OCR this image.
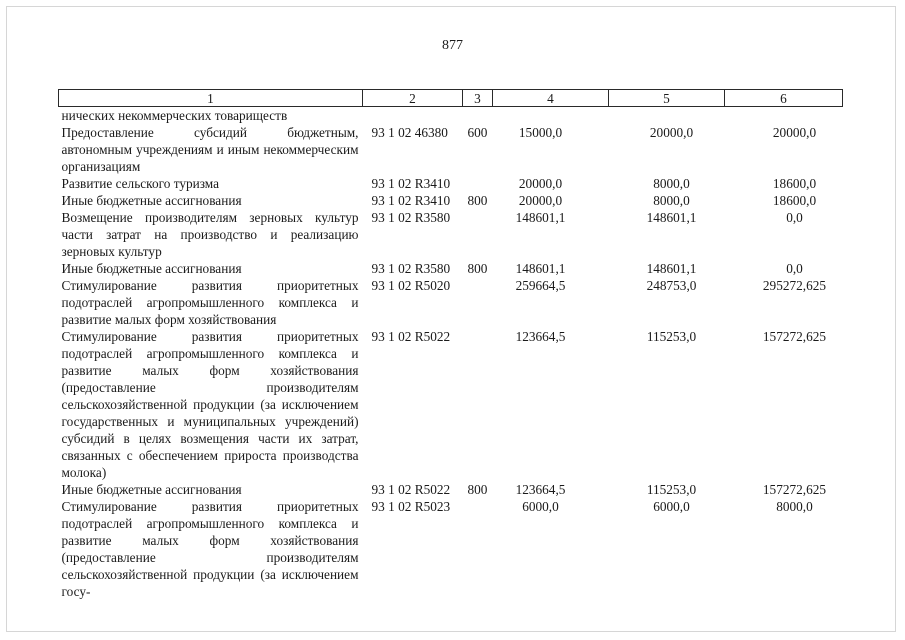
877
1	2	3	4	5	6
нических некоммерческих товариществ					
Предоставление субсидий бюджетным, автономным учреждениям и иным некоммерческим организациям	93 1 02 46380	600	15000,0	20000,0	20000,0
Развитие сельского туризма	93 1 02 R3410		20000,0	8000,0	18600,0
Иные бюджетные ассигнования	93 1 02 R3410	800	20000,0	8000,0	18600,0
Возмещение производителям зерновых культур части затрат на производство и реализацию зерновых культур	93 1 02 R3580		148601,1	148601,1	0,0
Иные бюджетные ассигнования	93 1 02 R3580	800	148601,1	148601,1	0,0
Стимулирование развития приоритетных подотраслей агропромышленного комплекса и развитие малых форм хозяйствования	93 1 02 R5020		259664,5	248753,0	295272,625
Стимулирование развития приоритетных подотраслей агропромышленного комплекса и развитие малых форм хозяйствования (предоставление производителям сельскохозяйственной продукции (за исключением государственных и муниципальных учреждений) субсидий в целях возмещения части их затрат, связанных с обеспечением прироста производства молока)	93 1 02 R5022		123664,5	115253,0	157272,625
Иные бюджетные ассигнования	93 1 02 R5022	800	123664,5	115253,0	157272,625
Стимулирование развития приоритетных подотраслей агропромышленного комплекса и развитие малых форм хозяйствования (предоставление производителям сельскохозяйственной продукции (за исключением госу-	93 1 02 R5023		6000,0	6000,0	8000,0
